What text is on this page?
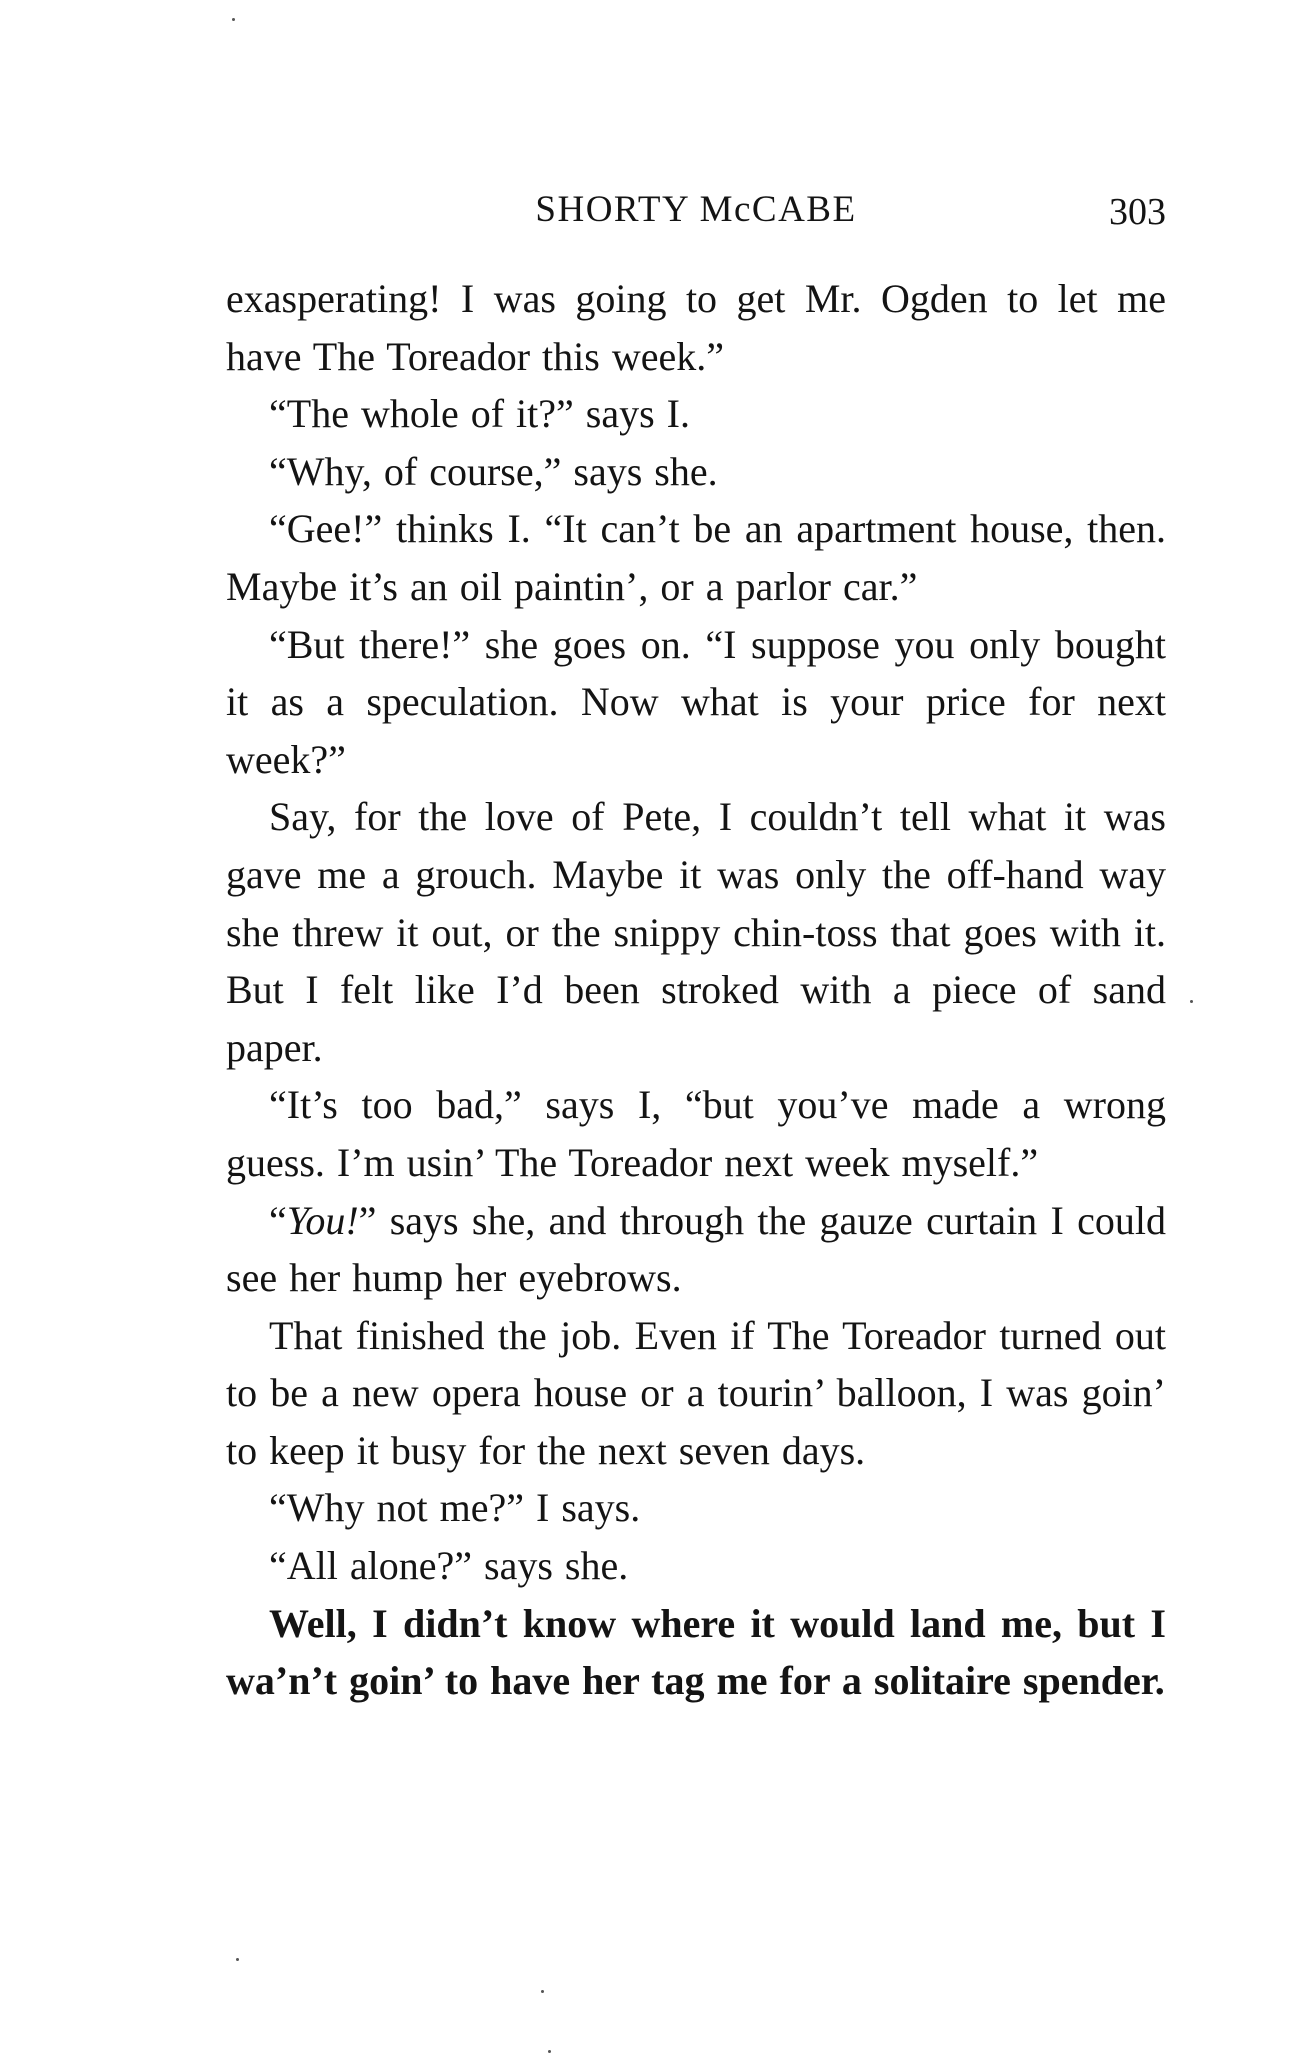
SHORTY McCABE	303

exasperating! I was going to get Mr. Ogden to let me have The Toreador this week.”

“The whole of it?” says I.

“Why, of course,” says she.

“Gee!” thinks I. “It can’t be an apartment house, then. Maybe it’s an oil paintin’, or a parlor car.”

“But there!” she goes on. “I suppose you only bought it as a speculation. Now what is your price for next week?”

Say, for the love of Pete, I couldn’t tell what it was gave me a grouch. Maybe it was only the off-hand way she threw it out, or the snippy chin-toss that goes with it. But I felt like I’d been stroked with a piece of sand paper.

“It’s too bad,” says I, “but you’ve made a wrong guess. I’m usin’ The Toreador next week myself.”

“You!” says she, and through the gauze curtain I could see her hump her eyebrows.

That finished the job. Even if The Toreador turned out to be a new opera house or a tourin’ balloon, I was goin’ to keep it busy for the next seven days.

“Why not me?” I says.

“All alone?” says she.

Well, I didn’t know where it would land me, but I wa’n’t goin’ to have her tag me for a solitaire spender.
